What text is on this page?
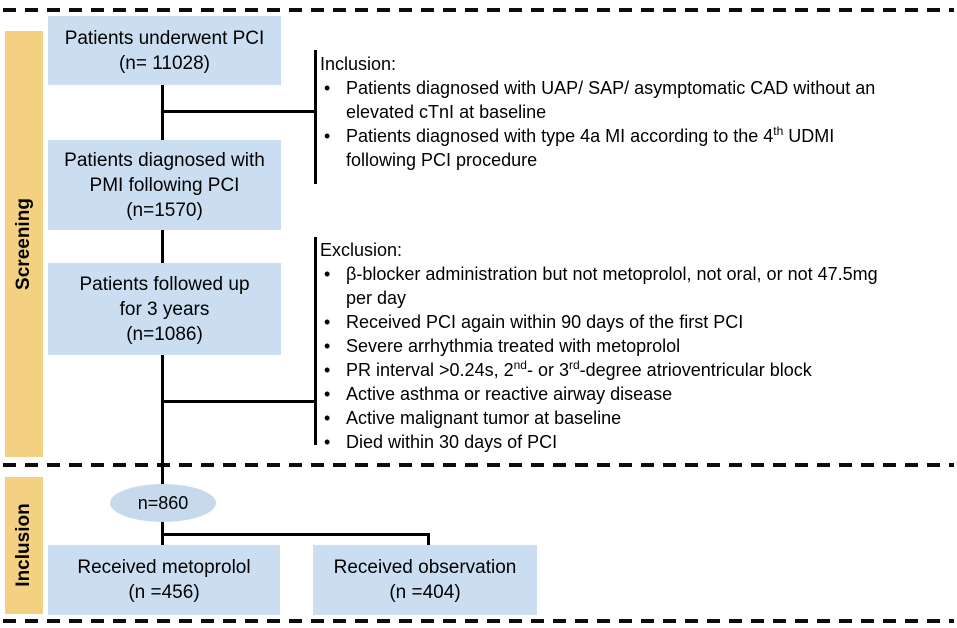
Screening
Inclusion
Patients underwent PCI
(n= 11028)
Patients diagnosed with
PMI following PCI
(n=1570)
Patients followed up
for 3 years
(n=1086)
n=860
Received metoprolol
(n =456)
Received observation
(n =404)
Inclusion:
• Patients diagnosed with UAP/ SAP/ asymptomatic CAD without an
elevated cTnI at baseline
• Patients diagnosed with type 4a MI according to the 4th UDMI
following PCI procedure
Exclusion:
• β-blocker administration but not metoprolol, not oral, or not 47.5mg
per day
• Received PCI again within 90 days of the first PCI
• Severe arrhythmia treated with metoprolol
• PR interval >0.24s, 2nd- or 3rd-degree atrioventricular block
• Active asthma or reactive airway disease
• Active malignant tumor at baseline
• Died within 30 days of PCI
